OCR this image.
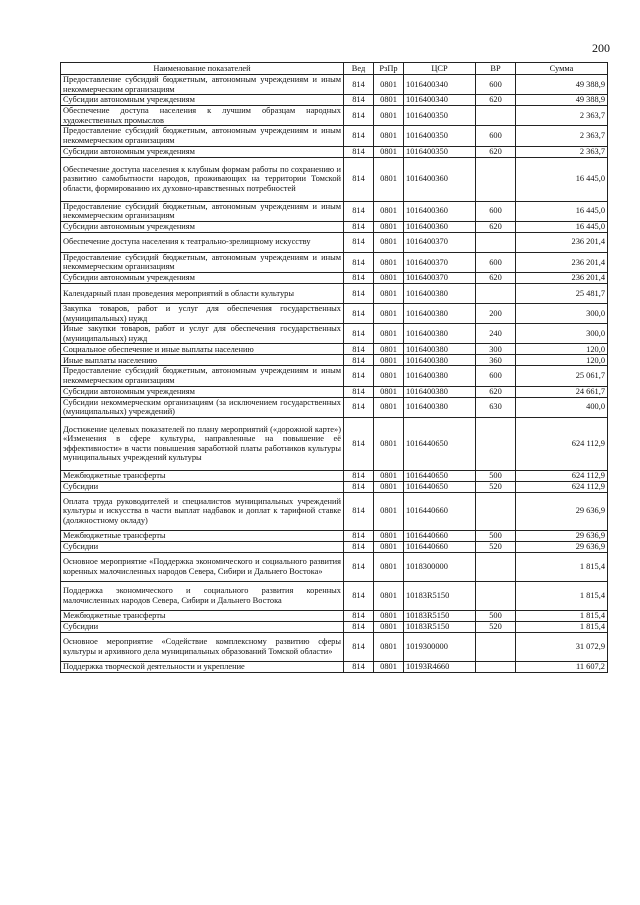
200
Наименование показателей	Вед	РзПр	ЦСР	ВР	Сумма
Предоставление субсидий бюджетным, автономным учреждениям и иным некоммерческим организациям	814	0801	1016400340	600	49 388,9
Субсидии автономным учреждениям	814	0801	1016400340	620	49 388,9
Обеспечение доступа населения к лучшим образцам народных художественных промыслов	814	0801	1016400350		2 363,7
Предоставление субсидий бюджетным, автономным учреждениям и иным некоммерческим организациям	814	0801	1016400350	600	2 363,7
Субсидии автономным учреждениям	814	0801	1016400350	620	2 363,7
Обеспечение доступа населения к клубным формам работы по сохранению и развитию самобытности народов, проживающих на территории Томской области, формированию их духовно-нравственных потребностей	814	0801	1016400360		16 445,0
Предоставление субсидий бюджетным, автономным учреждениям и иным некоммерческим организациям	814	0801	1016400360	600	16 445,0
Субсидии автономным учреждениям	814	0801	1016400360	620	16 445,0
Обеспечение доступа населения к театрально-зрелищному искусству	814	0801	1016400370		236 201,4
Предоставление субсидий бюджетным, автономным учреждениям и иным некоммерческим организациям	814	0801	1016400370	600	236 201,4
Субсидии автономным учреждениям	814	0801	1016400370	620	236 201,4
Календарный план проведения мероприятий в области культуры	814	0801	1016400380		25 481,7
Закупка товаров, работ и услуг для обеспечения государственных (муниципальных) нужд	814	0801	1016400380	200	300,0
Иные закупки товаров, работ и услуг для обеспечения государственных (муниципальных) нужд	814	0801	1016400380	240	300,0
Социальное обеспечение и иные выплаты населению	814	0801	1016400380	300	120,0
Иные выплаты населению	814	0801	1016400380	360	120,0
Предоставление субсидий бюджетным, автономным учреждениям и иным некоммерческим организациям	814	0801	1016400380	600	25 061,7
Субсидии автономным учреждениям	814	0801	1016400380	620	24 661,7
Субсидии некоммерческим организациям (за исключением государственных (муниципальных) учреждений)	814	0801	1016400380	630	400,0
Достижение целевых показателей по плану мероприятий («дорожной карте») «Изменения в сфере культуры, направленные на повышение её эффективности» в части повышения заработной платы работников культуры муниципальных учреждений культуры	814	0801	1016440650		624 112,9
Межбюджетные трансферты	814	0801	1016440650	500	624 112,9
Субсидии	814	0801	1016440650	520	624 112,9
Оплата труда руководителей и специалистов муниципальных учреждений культуры и искусства в части выплат надбавок и доплат к тарифной ставке (должностному окладу)	814	0801	1016440660		29 636,9
Межбюджетные трансферты	814	0801	1016440660	500	29 636,9
Субсидии	814	0801	1016440660	520	29 636,9
Основное мероприятие «Поддержка экономического и социального развития коренных малочисленных народов Севера, Сибири и Дальнего Востока»	814	0801	1018300000		1 815,4
Поддержка экономического и социального развития коренных малочисленных народов Севера, Сибири и Дальнего Востока	814	0801	10183R5150		1 815,4
Межбюджетные трансферты	814	0801	10183R5150	500	1 815,4
Субсидии	814	0801	10183R5150	520	1 815,4
Основное мероприятие «Содействие комплексному развитию сферы культуры и архивного дела муниципальных образований Томской области»	814	0801	1019300000		31 072,9
Поддержка творческой деятельности и укрепление	814	0801	10193R4660		11 607,2
